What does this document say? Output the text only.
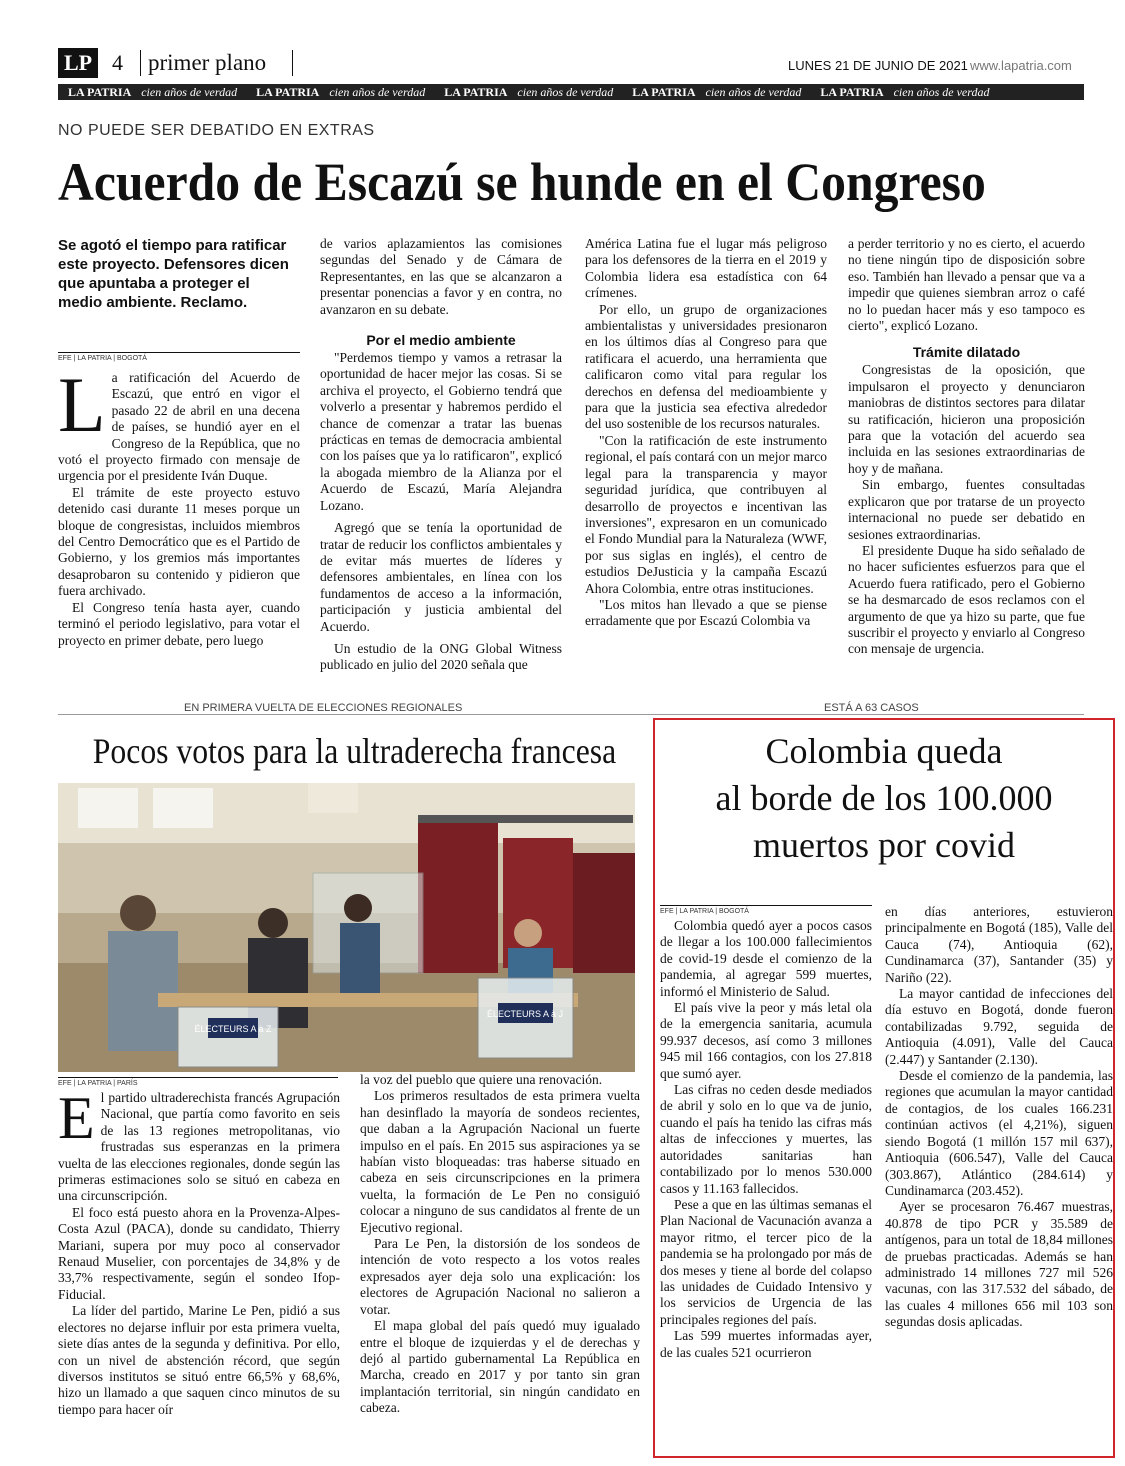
LP 4 primer plano	LUNES 21 DE JUNIO DE 2021 www.lapatria.com
LA PATRIA cien años de verdad LA PATRIA cien años de verdad LA PATRIA cien años de verdad LA PATRIA cien años de verdad LA PATRIA cien años de verdad
NO PUEDE SER DEBATIDO EN EXTRAS
Acuerdo de Escazú se hunde en el Congreso
Se agotó el tiempo para ratificar este proyecto. Defensores dicen que apuntaba a proteger el medio ambiente. Reclamo.
EFE | LA PATRIA | BOGOTÁ

La ratificación del Acuerdo de Escazú, que entró en vigor el pasado 22 de abril en una decena de países, se hundió ayer en el Congreso de la República, que no votó el proyecto firmado con mensaje de urgencia por el presidente Iván Duque.

El trámite de este proyecto estuvo detenido casi durante 11 meses porque un bloque de congresistas, incluidos miembros del Centro Democrático que es el Partido de Gobierno, y los gremios más importantes desaprobaron su contenido y pidieron que fuera archivado.

El Congreso tenía hasta ayer, cuando terminó el periodo legislativo, para votar el proyecto en primer debate, pero luego

de varios aplazamientos las comisiones segundas del Senado y de Cámara de Representantes, en las que se alcanzaron a presentar ponencias a favor y en contra, no avanzaron en su debate.

Por el medio ambiente

"Perdemos tiempo y vamos a retrasar la oportunidad de hacer mejor las cosas. Si se archiva el proyecto, el Gobierno tendrá que volverlo a presentar y habremos perdido el chance de comenzar a tratar las buenas prácticas en temas de democracia ambiental con los países que ya lo ratificaron", explicó la abogada miembro de la Alianza por el Acuerdo de Escazú, María Alejandra Lozano.

Agregó que se tenía la oportunidad de tratar de reducir los conflictos ambientales y de evitar más muertes de líderes y defensores ambientales, en línea con los fundamentos de acceso a la información, participación y justicia ambiental del Acuerdo.

Un estudio de la ONG Global Witness publicado en julio del 2020 señala que

América Latina fue el lugar más peligroso para los defensores de la tierra en el 2019 y Colombia lidera esa estadística con 64 crímenes.

Por ello, un grupo de organizaciones ambientalistas y universidades presionaron en los últimos días al Congreso para que ratificara el acuerdo, una herramienta que calificaron como vital para regular los derechos en defensa del medioambiente y para que la justicia sea efectiva alrededor del uso sostenible de los recursos naturales.

"Con la ratificación de este instrumento regional, el país contará con un mejor marco legal para la transparencia y mayor seguridad jurídica, que contribuyen al desarrollo de proyectos e incentivan las inversiones", expresaron en un comunicado el Fondo Mundial para la Naturaleza (WWF, por sus siglas en inglés), el centro de estudios DeJusticia y la campaña Escazú Ahora Colombia, entre otras instituciones.

"Los mitos han llevado a que se piense erradamente que por Escazú Colombia va

a perder territorio y no es cierto, el acuerdo no tiene ningún tipo de disposición sobre eso. También han llevado a pensar que va a impedir que quienes siembran arroz o café no lo puedan hacer más y eso tampoco es cierto", explicó Lozano.

Trámite dilatado

Congresistas de la oposición, que impulsaron el proyecto y denunciaron maniobras de distintos sectores para dilatar su ratificación, hicieron una proposición para que la votación del acuerdo sea incluida en las sesiones extraordinarias de hoy y de mañana.

Sin embargo, fuentes consultadas explicaron que por tratarse de un proyecto internacional no puede ser debatido en sesiones extraordinarias.

El presidente Duque ha sido señalado de no hacer suficientes esfuerzos para que el Acuerdo fuera ratificado, pero el Gobierno se ha desmarcado de esos reclamos con el argumento de que ya hizo su parte, que fue suscribir el proyecto y enviarlo al Congreso con mensaje de urgencia.

EN PRIMERA VUELTA DE ELECCIONES REGIONALES	ESTÁ A 63 CASOS
Pocos votos para la ultraderecha francesa
ÉLECTEURS A à Z
ÉLECTEURS A à J
EFE | LA PATRIA | PARÍS

El partido ultraderechista francés Agrupación Nacional, que partía como favorito en seis de las 13 regiones metropolitanas, vio frustradas sus esperanzas en la primera vuelta de las elecciones regionales, donde según las primeras estimaciones solo se situó en cabeza en una circunscripción.

El foco está puesto ahora en la Provenza-Alpes-Costa Azul (PACA), donde su candidato, Thierry Mariani, supera por muy poco al conservador Renaud Muselier, con porcentajes de 34,8% y de 33,7% respectivamente, según el sondeo Ifop-Fiducial.

La líder del partido, Marine Le Pen, pidió a sus electores no dejarse influir por esta primera vuelta, siete días antes de la segunda y definitiva. Por ello, con un nivel de abstención récord, que según diversos institutos se situó entre 66,5% y 68,6%, hizo un llamado a que saquen cinco minutos de su tiempo para hacer oír

la voz del pueblo que quiere una renovación.

Los primeros resultados de esta primera vuelta han desinflado la mayoría de sondeos recientes, que daban a la Agrupación Nacional un fuerte impulso en el país. En 2015 sus aspiraciones ya se habían visto bloqueadas: tras haberse situado en cabeza en seis circunscripciones en la primera vuelta, la formación de Le Pen no consiguió colocar a ninguno de sus candidatos al frente de un Ejecutivo regional.

Para Le Pen, la distorsión de los sondeos de intención de voto respecto a los votos reales expresados ayer deja solo una explicación: los electores de Agrupación Nacional no salieron a votar.

El mapa global del país quedó muy igualado entre el bloque de izquierdas y el de derechas y dejó al partido gubernamental La República en Marcha, creado en 2017 y por tanto sin gran implantación territorial, sin ningún candidato en cabeza.

Colombia queda
al borde de los 100.000
muertos por covid
EFE | LA PATRIA | BOGOTÁ

Colombia quedó ayer a pocos casos de llegar a los 100.000 fallecimientos de covid-19 desde el comienzo de la pandemia, al agregar 599 muertes, informó el Ministerio de Salud.

El país vive la peor y más letal ola de la emergencia sanitaria, acumula 99.937 decesos, así como 3 millones 945 mil 166 contagios, con los 27.818 que sumó ayer.

Las cifras no ceden desde mediados de abril y solo en lo que va de junio, cuando el país ha tenido las cifras más altas de infecciones y muertes, las autoridades sanitarias han contabilizado por lo menos 530.000 casos y 11.163 fallecidos.

Pese a que en las últimas semanas el Plan Nacional de Vacunación avanza a mayor ritmo, el tercer pico de la pandemia se ha prolongado por más de dos meses y tiene al borde del colapso las unidades de Cuidado Intensivo y los servicios de Urgencia de las principales regiones del país.

Las 599 muertes informadas ayer, de las cuales 521 ocurrieron

en días anteriores, estuvieron principalmente en Bogotá (185), Valle del Cauca (74), Antioquia (62), Cundinamarca (37), Santander (35) y Nariño (22).

La mayor cantidad de infecciones del día estuvo en Bogotá, donde fueron contabilizadas 9.792, seguida de Antioquia (4.091), Valle del Cauca (2.447) y Santander (2.130).

Desde el comienzo de la pandemia, las regiones que acumulan la mayor cantidad de contagios, de los cuales 166.231 continúan activos (el 4,21%), siguen siendo Bogotá (1 millón 157 mil 637), Antioquia (606.547), Valle del Cauca (303.867), Atlántico (284.614) y Cundinamarca (203.452).

Ayer se procesaron 76.467 muestras, 40.878 de tipo PCR y 35.589 de antígenos, para un total de 18,84 millones de pruebas practicadas. Además se han administrado 14 millones 727 mil 526 vacunas, con las 317.532 del sábado, de las cuales 4 millones 656 mil 103 son segundas dosis aplicadas.
